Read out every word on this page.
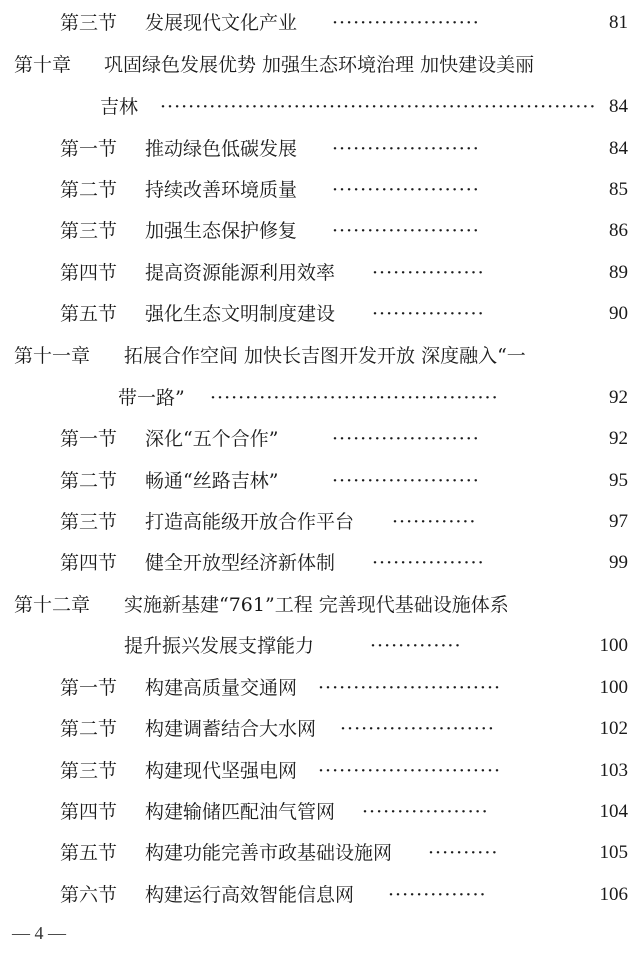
第三节 发展现代文化产业 ·····················	81
第十章 巩固绿色发展优势 加强生态环境治理 加快建设美丽
吉林 ······························································ 84
第一节 推动绿色低碳发展 ·····················	84
第二节 持续改善环境质量 ·····················	85
第三节 加强生态保护修复 ·····················	86
第四节 提高资源能源利用效率 ················	89
第五节 强化生态文明制度建设 ················	90
第十一章 拓展合作空间 加快长吉图开发开放 深度融入“一
带一路” ·········································	92
第一节 深化“五个合作”	·····················	92
第二节 畅通“丝路吉林”	·····················	95
第三节 打造高能级开放合作平台 ············	97
第四节 健全开放型经济新体制 ················	99
第十二章 实施新基建“761”工程 完善现代基础设施体系
提升振兴发展支撑能力	·············	100
第一节 构建高质量交通网 ··························	100
第二节 构建调蓄结合大水网 ······················	102
第三节 构建现代坚强电网 ··························	103
第四节 构建输储匹配油气管网 ··················	104
第五节 构建功能完善市政基础设施网 ··········	105
第六节 构建运行高效智能信息网 ··············	106
— 4 —
